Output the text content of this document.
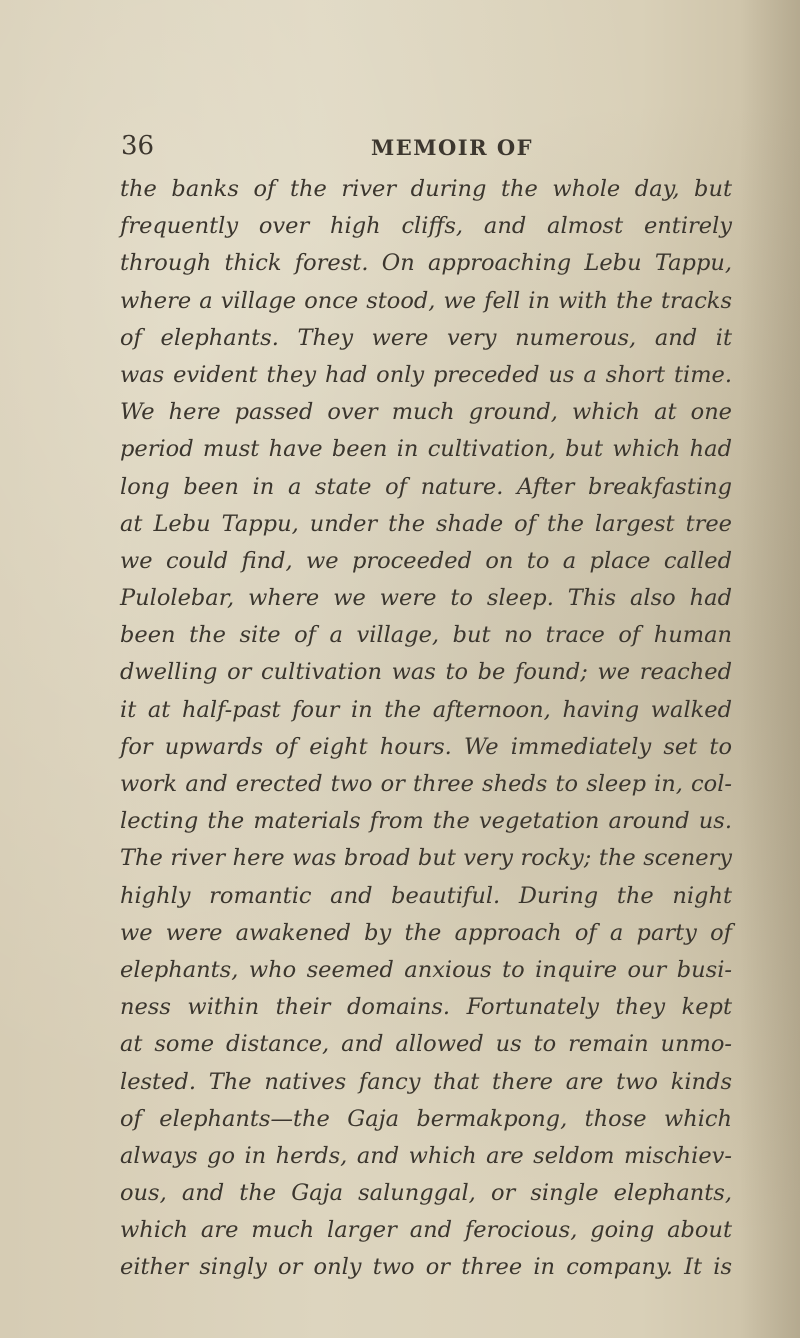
36	MEMOIR OF
the banks of the river during the whole day, but
frequently over high cliffs, and almost entirely
through thick forest. On approaching Lebu Tappu,
where a village once stood, we fell in with the tracks
of elephants. They were very numerous, and it
was evident they had only preceded us a short time.
We here passed over much ground, which at one
period must have been in cultivation, but which had
long been in a state of nature. After breakfasting
at Lebu Tappu, under the shade of the largest tree
we could find, we proceeded on to a place called
Pulolebar, where we were to sleep. This also had
been the site of a village, but no trace of human
dwelling or cultivation was to be found; we reached
it at half-past four in the afternoon, having walked
for upwards of eight hours. We immediately set to
work and erected two or three sheds to sleep in, col-
lecting the materials from the vegetation around us.
The river here was broad but very rocky; the scenery
highly romantic and beautiful. During the night
we were awakened by the approach of a party of
elephants, who seemed anxious to inquire our busi-
ness within their domains. Fortunately they kept
at some distance, and allowed us to remain unmo-
lested. The natives fancy that there are two kinds
of elephants—the Gaja bermakpong, those which
always go in herds, and which are seldom mischiev-
ous, and the Gaja salunggal, or single elephants,
which are much larger and ferocious, going about
either singly or only two or three in company. It is
